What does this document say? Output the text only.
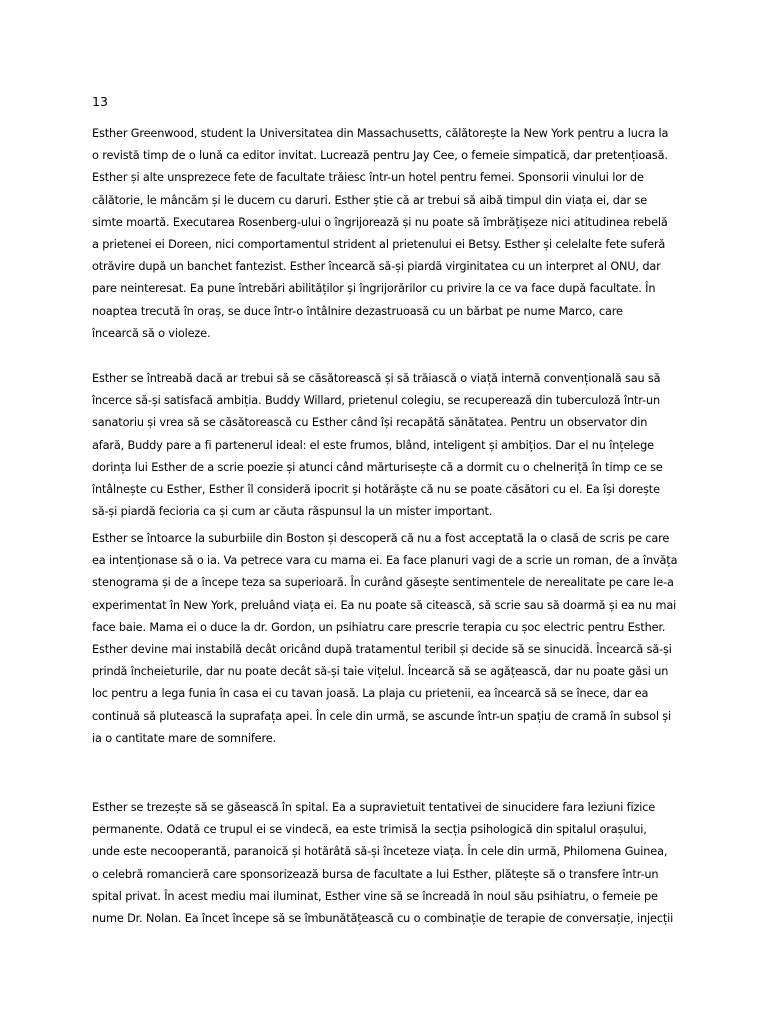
13
Esther Greenwood, student la Universitatea din Massachusetts, călătorește la New York pentru a lucra la
o revistă timp de o lună ca editor invitat. Lucrează pentru Jay Cee, o femeie simpatică, dar pretențioasă.
Esther și alte unsprezece fete de facultate trăiesc într-un hotel pentru femei. Sponsorii vinului lor de
călătorie, le mâncăm și le ducem cu daruri. Esther știe că ar trebui să aibă timpul din viața ei, dar se
simte moartă. Executarea Rosenberg-ului o îngrijorează și nu poate să îmbrățișeze nici atitudinea rebelă
a prietenei ei Doreen, nici comportamentul strident al prietenului ei Betsy. Esther și celelalte fete suferă
otrăvire după un banchet fantezist. Esther încearcă să-și piardă virginitatea cu un interpret al ONU, dar
pare neinteresat. Ea pune întrebări abilităților și îngrijorărilor cu privire la ce va face după facultate. În
noaptea trecută în oraș, se duce într-o întâlnire dezastruoasă cu un bărbat pe nume Marco, care
încearcă să o violeze.
Esther se întreabă dacă ar trebui să se căsătorească și să trăiască o viață internă convențională sau să
încerce să-și satisfacă ambiția. Buddy Willard, prietenul colegiu, se recuperează din tuberculoză într-un
sanatoriu și vrea să se căsătorească cu Esther când își recapătă sănătatea. Pentru un observator din
afară, Buddy pare a fi partenerul ideal: el este frumos, blând, inteligent și ambițios. Dar el nu înțelege
dorința lui Esther de a scrie poezie și atunci când mărturisește că a dormit cu o chelneriță în timp ce se
întâlnește cu Esther, Esther îl consideră ipocrit și hotărăște că nu se poate căsători cu el. Ea își dorește
să-și piardă fecioria ca și cum ar căuta răspunsul la un mister important.
Esther se întoarce la suburbiile din Boston și descoperă că nu a fost acceptată la o clasă de scris pe care
ea intenționase să o ia. Va petrece vara cu mama ei. Ea face planuri vagi de a scrie un roman, de a învăța
stenograma și de a începe teza sa superioară. În curând găsește sentimentele de nerealitate pe care le-a
experimentat în New York, preluând viața ei. Ea nu poate să citească, să scrie sau să doarmă și ea nu mai
face baie. Mama ei o duce la dr. Gordon, un psihiatru care prescrie terapia cu șoc electric pentru Esther.
Esther devine mai instabilă decât oricând după tratamentul teribil și decide să se sinucidă. Încearcă să-și
prindă încheieturile, dar nu poate decât să-și taie vițelul. Încearcă să se agățească, dar nu poate găsi un
loc pentru a lega funia în casa ei cu tavan joasă. La plaja cu prietenii, ea încearcă să se înece, dar ea
continuă să plutească la suprafața apei. În cele din urmă, se ascunde într-un spațiu de cramă în subsol și
ia o cantitate mare de somnifere.
Esther se trezește să se găsească în spital. Ea a supravietuit tentativei de sinucidere fara leziuni fizice
permanente. Odată ce trupul ei se vindecă, ea este trimisă la secția psihologică din spitalul orașului,
unde este necooperantă, paranoică și hotărâtă să-și înceteze viața. În cele din urmă, Philomena Guinea,
o celebră romancieră care sponsorizează bursa de facultate a lui Esther, plătește să o transfere într-un
spital privat. În acest mediu mai iluminat, Esther vine să se încreadă în noul său psihiatru, o femeie pe
nume Dr. Nolan. Ea încet începe să se îmbunătățească cu o combinație de terapie de conversație, injecții
